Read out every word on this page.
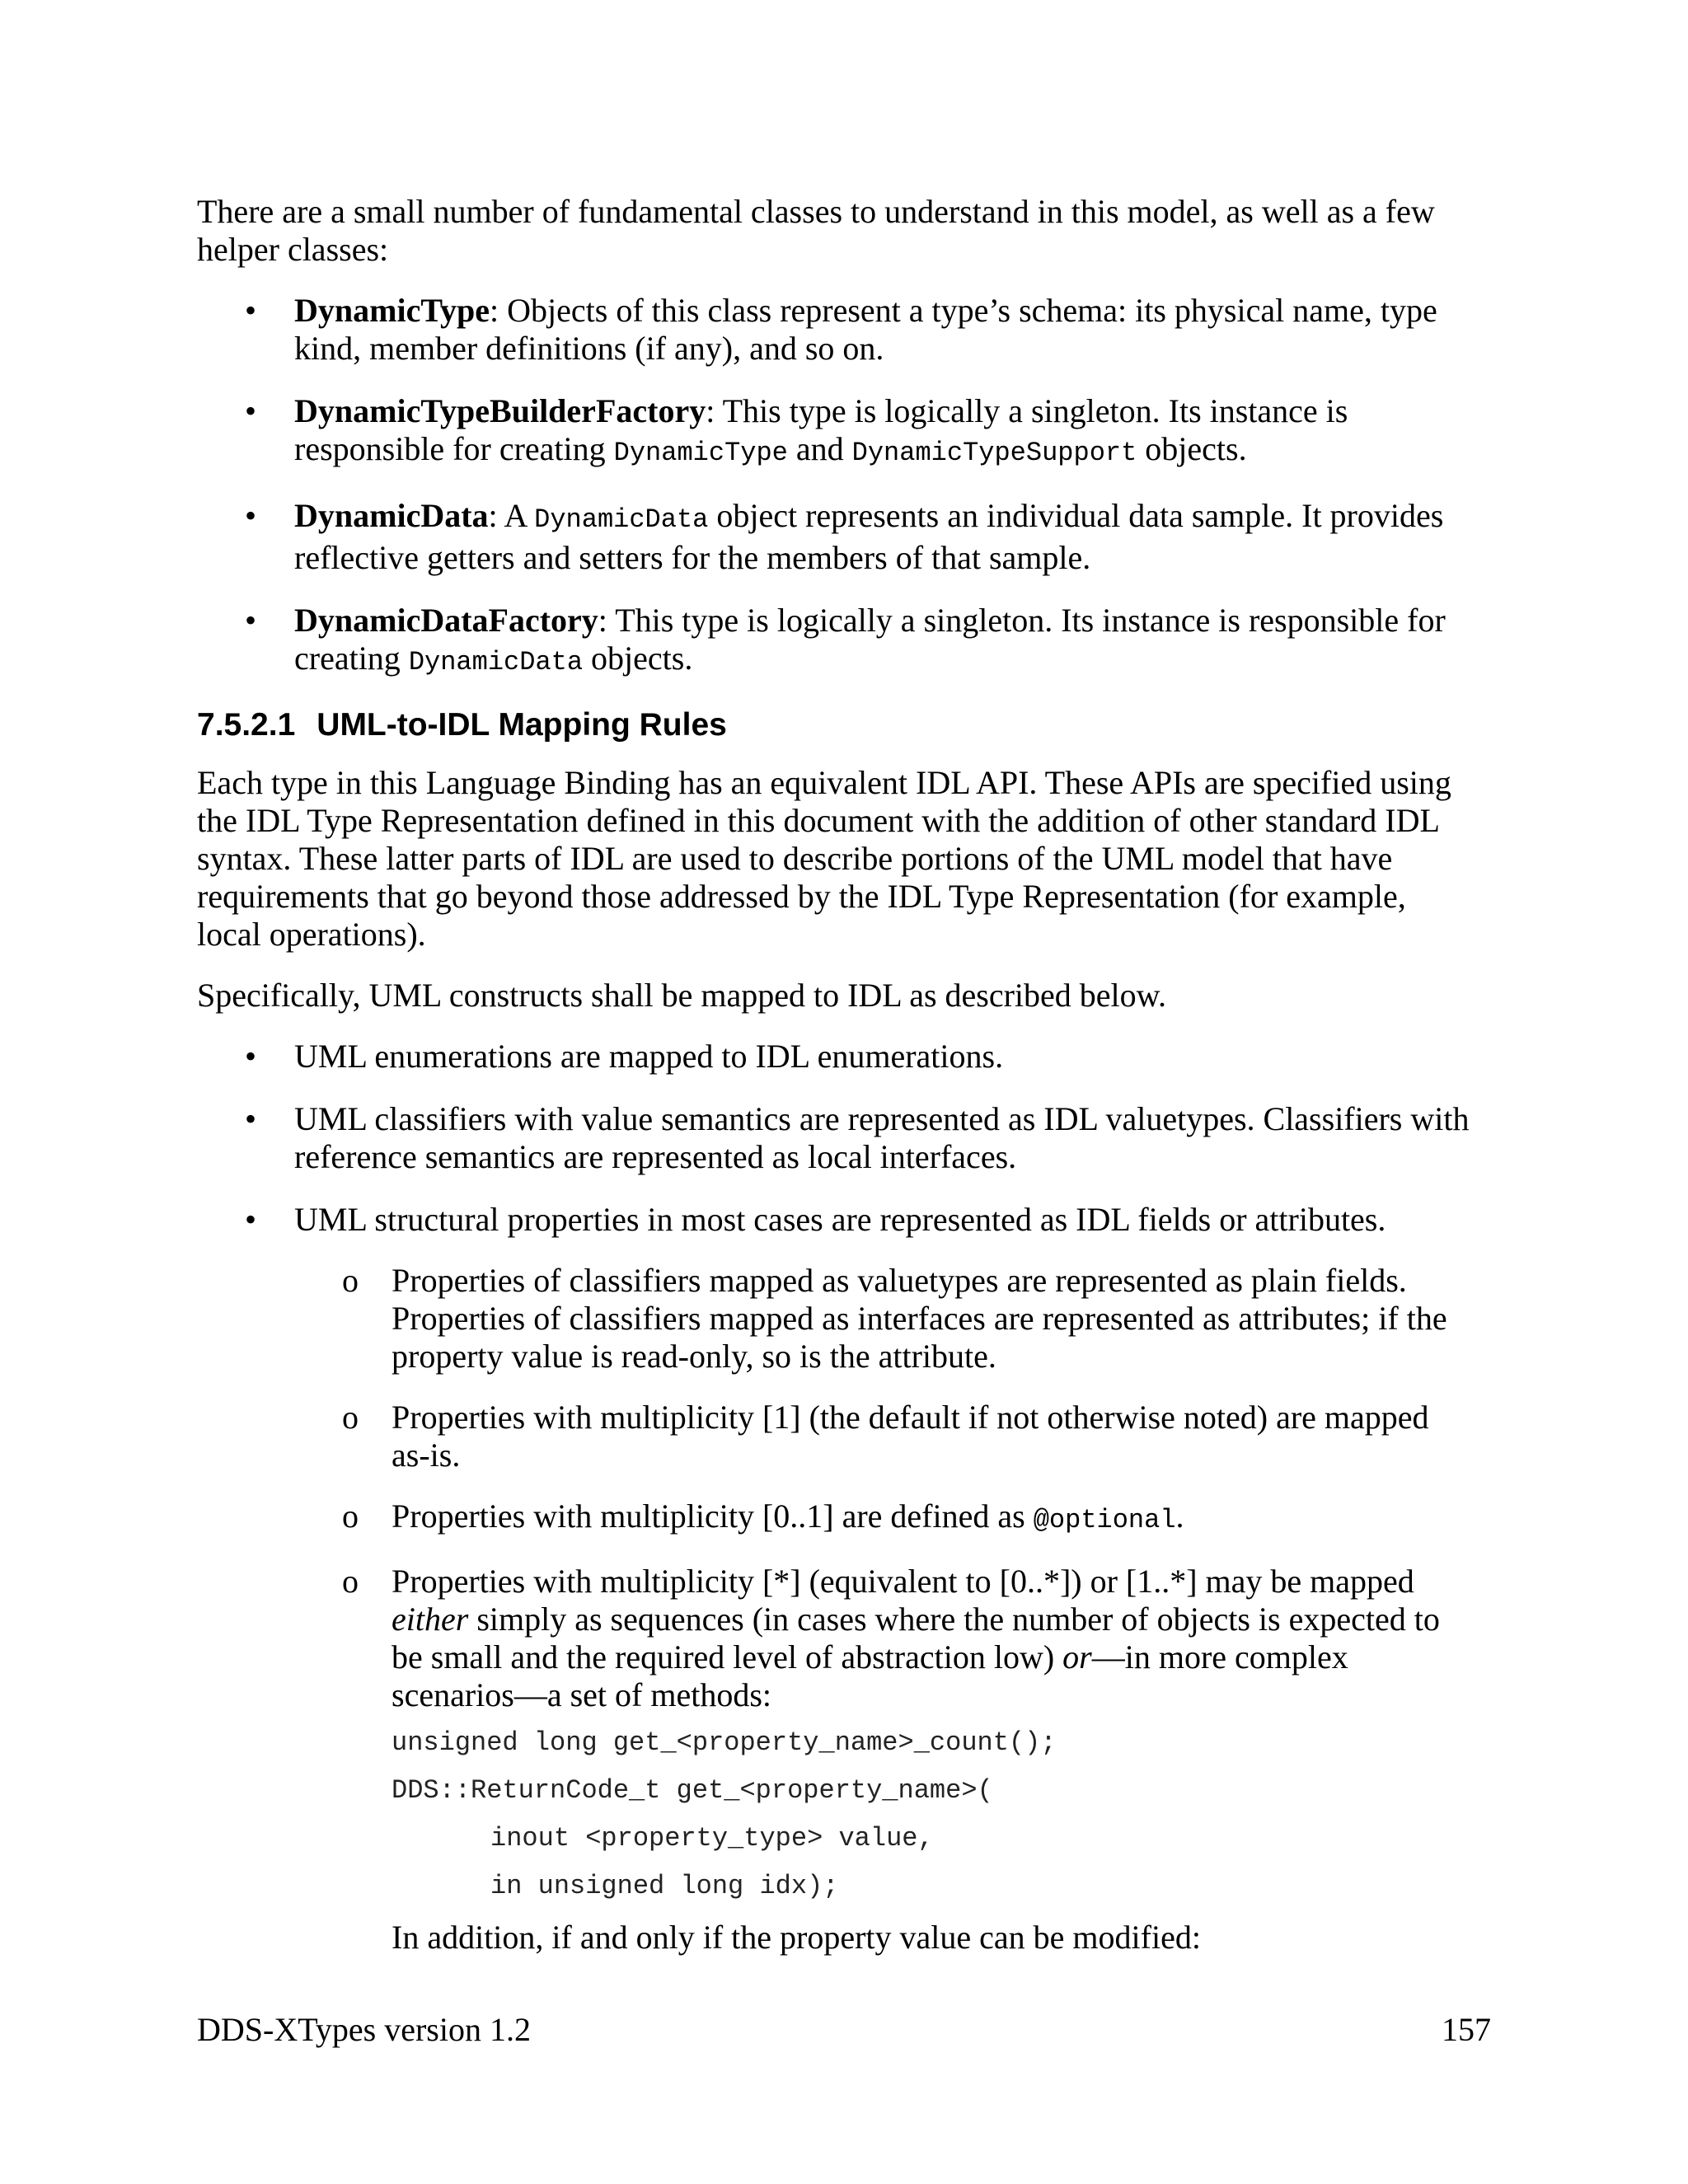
There are a small number of fundamental classes to understand in this model, as well as a few helper classes:

• DynamicType: Objects of this class represent a type’s schema: its physical name, type kind, member definitions (if any), and so on.
• DynamicTypeBuilderFactory: This type is logically a singleton. Its instance is responsible for creating DynamicType and DynamicTypeSupport objects.
• DynamicData: A DynamicData object represents an individual data sample. It provides reflective getters and setters for the members of that sample.
• DynamicDataFactory: This type is logically a singleton. Its instance is responsible for creating DynamicData objects.
7.5.2.1 UML-to-IDL Mapping Rules

Each type in this Language Binding has an equivalent IDL API. These APIs are specified using the IDL Type Representation defined in this document with the addition of other standard IDL syntax. These latter parts of IDL are used to describe portions of the UML model that have requirements that go beyond those addressed by the IDL Type Representation (for example, local operations).

Specifically, UML constructs shall be mapped to IDL as described below.

• UML enumerations are mapped to IDL enumerations.
• UML classifiers with value semantics are represented as IDL valuetypes. Classifiers with reference semantics are represented as local interfaces.
• UML structural properties in most cases are represented as IDL fields or attributes.
o Properties of classifiers mapped as valuetypes are represented as plain fields. Properties of classifiers mapped as interfaces are represented as attributes; if the property value is read-only, so is the attribute.
o Properties with multiplicity [1] (the default if not otherwise noted) are mapped as-is.
o Properties with multiplicity [0..1] are defined as @optional.
o Properties with multiplicity [*] (equivalent to [0..*]) or [1..*] may be mapped either simply as sequences (in cases where the number of objects is expected to be small and the required level of abstraction low) or—in more complex scenarios—a set of methods:
unsigned long get_<property_name>_count();
DDS::ReturnCode_t get_<property_name>(
inout <property_type> value,
in unsigned long idx);

In addition, if and only if the property value can be modified:

DDS-XTypes version 1.2	157
